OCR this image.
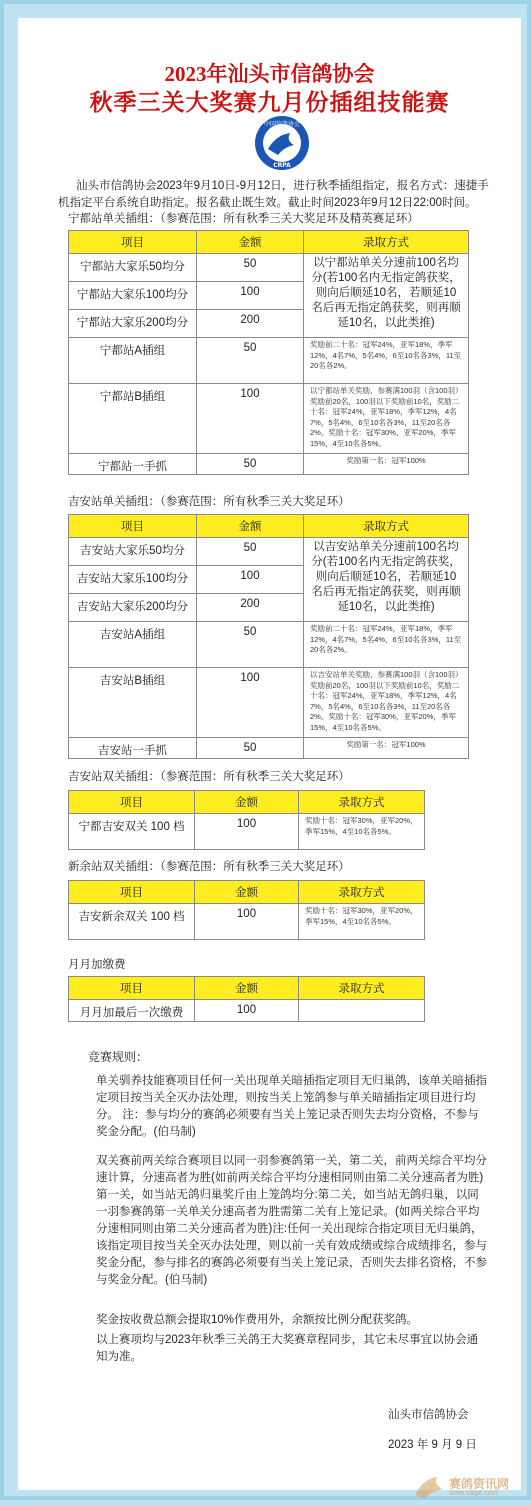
2023年汕头市信鸽协会
秋季三关大奖赛九月份插组技能赛
中国信鸽协会
CRPA
汕头市信鸽协会2023年9月10日-9月12日，进行秋季插组指定，报名方式：速捷手机指定平台系统自助指定。报名截止既生效。截止时间2023年9月12日22:00时间。
宁都站单关插组：（参赛范围：所有秋季三关大奖足环及精英赛足环）
项目	金额	录取方式
宁都站大家乐50均分	50	以宁都站单关分速前100名均分(若100名内无指定鸽获奖，则向后顺延10名，若顺延10名后再无指定鸽获奖，则再顺延10名，以此类推)
宁都站大家乐100均分	100	
宁都站大家乐200均分	200	
宁都站A插组	50	奖励前二十名：冠军24%，亚军18%，季军12%，4名7%，5名4%，6至10名各3%，11至20名各2%。
宁都站B插组	100	以宁都站单关奖励，参赛满100羽（含100羽）奖励前20名，100羽以下奖励前10名，奖励二十名：冠军24%，亚军18%，季军12%，4名7%，5名4%，6至10名各3%，11至20名各2%。奖励十名：冠军30%，亚军20%，季军15%，4至10名各5%。
宁都站一手抓	50	奖励第一名：冠军100%
吉安站单关插组：（参赛范围：所有秋季三关大奖足环）
项目	金额	录取方式
吉安站大家乐50均分	50	以吉安站单关分速前100名均分(若100名内无指定鸽获奖，则向后顺延10名，若顺延10名后再无指定鸽获奖，则再顺延10名，以此类推)
吉安站大家乐100均分	100	
吉安站大家乐200均分	200	
吉安站A插组	50	奖励前二十名：冠军24%，亚军18%，季军12%，4名7%，5名4%，6至10名各3%，11至20名各2%。
吉安站B插组	100	以吉安站单关奖励，参赛满100羽（含100羽）奖励前20名，100羽以下奖励前10名，奖励二十名：冠军24%，亚军18%，季军12%，4名7%，5名4%，6至10名各3%，11至20名各2%。奖励十名：冠军30%，亚军20%，季军15%，4至10名各5%。
吉安站一手抓	50	奖励第一名：冠军100%
吉安站双关插组：（参赛范围：所有秋季三关大奖足环）
项目	金额	录取方式
宁都吉安双关 100 档	100	奖励十名：冠军30%，亚军20%，季军15%，4至10名各5%。
新余站双关插组：（参赛范围：所有秋季三关大奖足环）
项目	金额	录取方式
吉安新余双关 100 档	100	奖励十名：冠军30%，亚军20%，季军15%，4至10名各5%。
月月加缴费
项目	金额	录取方式
月月加最后一次缴费	100	
竞赛规则：
单关驯养技能赛项目任何一关出现单关暗插指定项目无归巢鸽，该单关暗插指定项目按当关全灭办法处理，则按当关上笼鸽参与单关暗插指定项目进行均分。 注：参与均分的赛鸽必须要有当关上笼记录否则失去均分资格，不参与奖金分配。(伯马制)
双关赛前两关综合赛项目以同一羽参赛鸽第一关，第二关，前两关综合平均分速计算，分速高者为胜(如前两关综合平均分速相同则由第二关分速高者为胜)第一关，如当站无鸽归巢奖斤由上笼鸽均分:第二关，如当站无鸽归巢，以同一羽参赛鸽第一关单关分速高者为胜需第二关有上笼记录。(如两关综合平均分速相同则由第二关分速高者为胜)注:任何一关出现综合指定项目无归巢鸽，该指定项目按当关全灭办法处理，则以前一关有效成绩或综合成绩排名，参与奖金分配，参与排名的赛鸽必须要有当关上笼记录，否则失去排名资格，不参与奖金分配。(伯马制)
奖金按收费总额会提取10%作费用外，余额按比例分配获奖鸽。
以上赛项均与2023年秋季三关鸽王大奖赛章程同步，其它未尽事宜以协会通知为准。
汕头市信鸽协会
2023 年 9 月 9 日
赛鸽资讯网
www.saige.com
